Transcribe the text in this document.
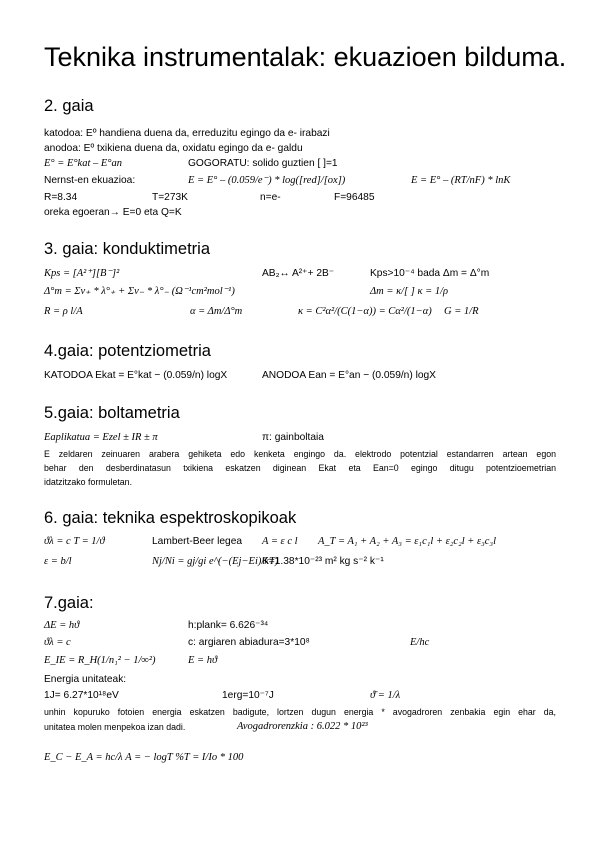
Teknika instrumentalak: ekuazioen bilduma.
2. gaia
katodoa: Eº handiena duena da, erreduzitu egingo da e- irabazi
anodoa: Eº txikiena duena da, oxidatu egingo da e- galdu
E° = E°kat – E°an	GOGORATU: solido guztien [ ]=1
Nernst-en ekuazioa:	E = E° – (0.059/e⁻) * log([red]/[ox])	E = E° – (RT/nF) * lnK
R=8.34	T=273K	n=e-	F=96485
oreka egoeran→ E=0 eta Q=K
3. gaia: konduktimetria
Kps = [A²⁺][B⁻]²	AB₂↔ A²⁺+ 2B⁻	Kps>10⁻⁴ bada Δm = Δ°m
Δ°m = Σν₊ * λ°₊ + Σν₋ * λ°₋ (Ω⁻¹cm²mol⁻¹)	Δm = κ/[ ] κ = 1/ρ
R = ρ l/A	α = Δm/Δ°m	κ = C²α²/(C(1−α)) = Cα²/(1−α) G = 1/R
4.gaia: potentziometria
KATODOA Ekat = E°kat − (0.059/n) logX	ANODOA Ean = E°an − (0.059/n) logX
5.gaia: boltametria
Eaplikatua = Ezel ± IR ± π	π: gainboltaia
E zeldaren zeinuaren arabera gehiketa edo kenketa engingo da. elektrodo potentzial estandarren artean egon
behar den desberdinatasun txikiena eskatzen diginean Ekat eta Ean=0 egingo ditugu potentzioemetrian
idatzitzako formuletan.
6. gaia: teknika espektroskopikoak
ϑλ = c T = 1/ϑ	Lambert-Beer legea A = ε c l A_T = A₁ + A₂ + A₃ = ε₁c₁l + ε₂c₂l + ε₃c₃l
ε = b/l	Nj/Ni = gj/gi e^(−(Ej−Ei)/kT)
K=1.38*10⁻²³ m² kg s⁻² k⁻¹
7.gaia:
ΔE = hϑ	h:plank= 6.626⁻³⁴
ϑλ = c	c: argiaren abiadura=3*10⁸	E/hc
E_IE = R_H(1/n₁² − 1/∞²)	E = hϑ
Energia unitateak:
1J= 6.27*10¹⁸eV	1erg=10⁻⁷J	ϑ̄ = 1/λ
unhin kopuruko fotoien energia eskatzen badigute, lortzen dugun energia * avogadroren zenbakia egin ehar da,
unitatea molen menpekoa izan dadi.	Avogadrorenzkia : 6.022 * 10²³
E_C − E_A = hc/λ A = − logT %T = I/Io * 100
